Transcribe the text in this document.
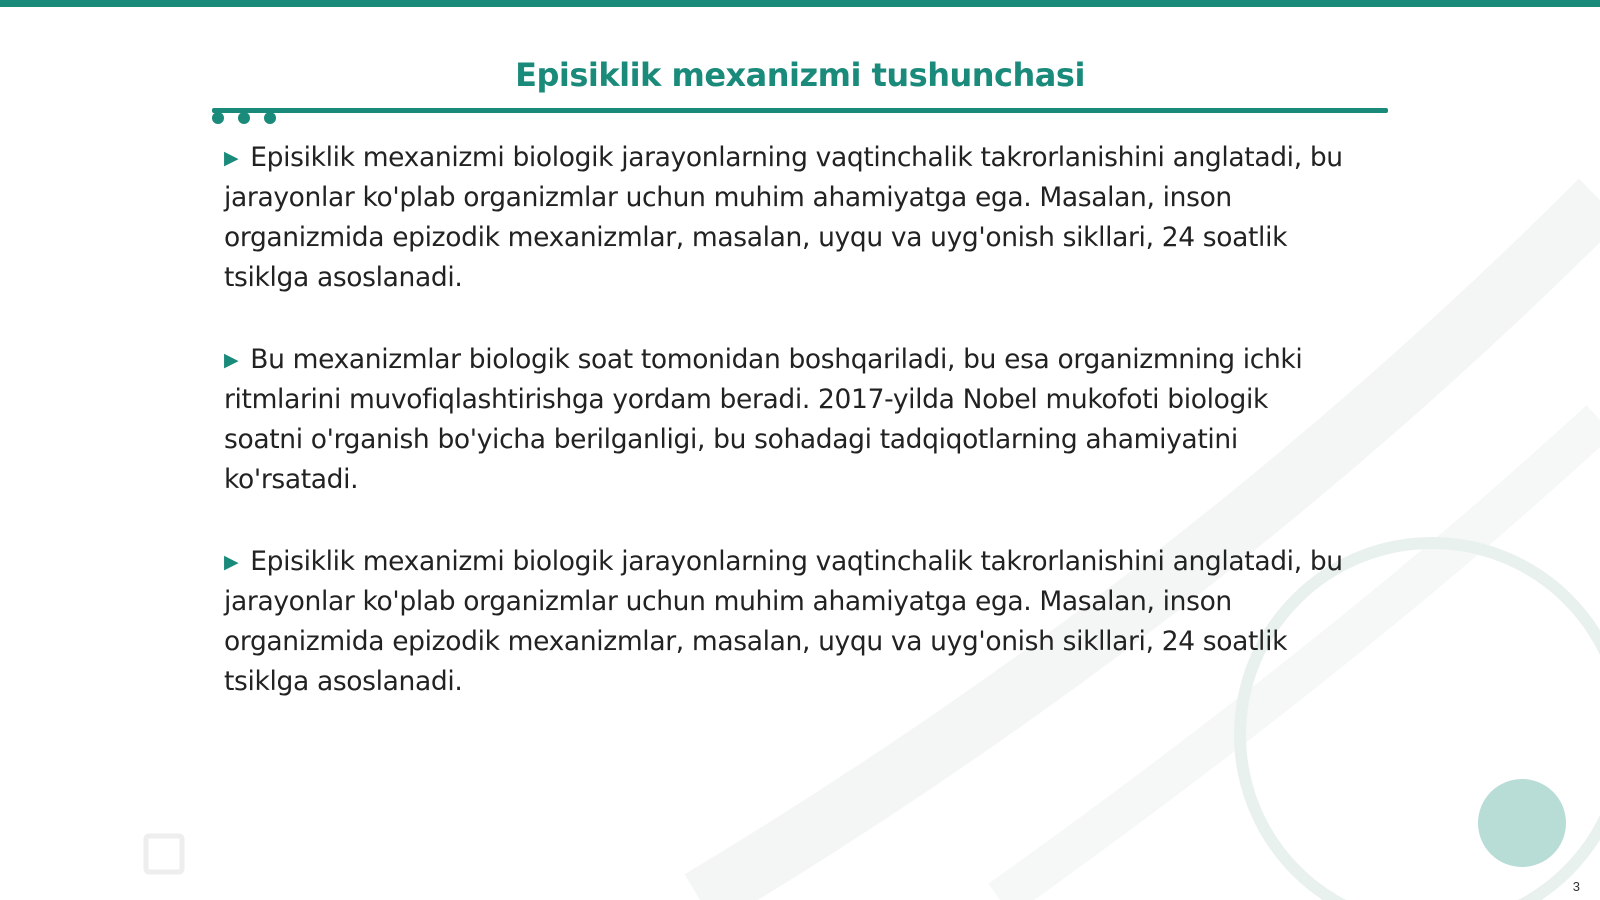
Episiklik mexanizmi tushunchasi
▶ Episiklik mexanizmi biologik jarayonlarning vaqtinchalik takrorlanishini anglatadi, bu jarayonlar ko'plab organizmlar uchun muhim ahamiyatga ega. Masalan, inson organizmida epizodik mexanizmlar, masalan, uyqu va uyg'onish sikllari, 24 soatlik tsiklga asoslanadi.
▶ Bu mexanizmlar biologik soat tomonidan boshqariladi, bu esa organizmning ichki ritmlarini muvofiqlashtirishga yordam beradi. 2017-yilda Nobel mukofoti biologik soatni o'rganish bo'yicha berilganligi, bu sohadagi tadqiqotlarning ahamiyatini ko'rsatadi.
▶ Episiklik mexanizmi biologik jarayonlarning vaqtinchalik takrorlanishini anglatadi, bu jarayonlar ko'plab organizmlar uchun muhim ahamiyatga ega. Masalan, inson organizmida epizodik mexanizmlar, masalan, uyqu va uyg'onish sikllari, 24 soatlik tsiklga asoslanadi.
3
